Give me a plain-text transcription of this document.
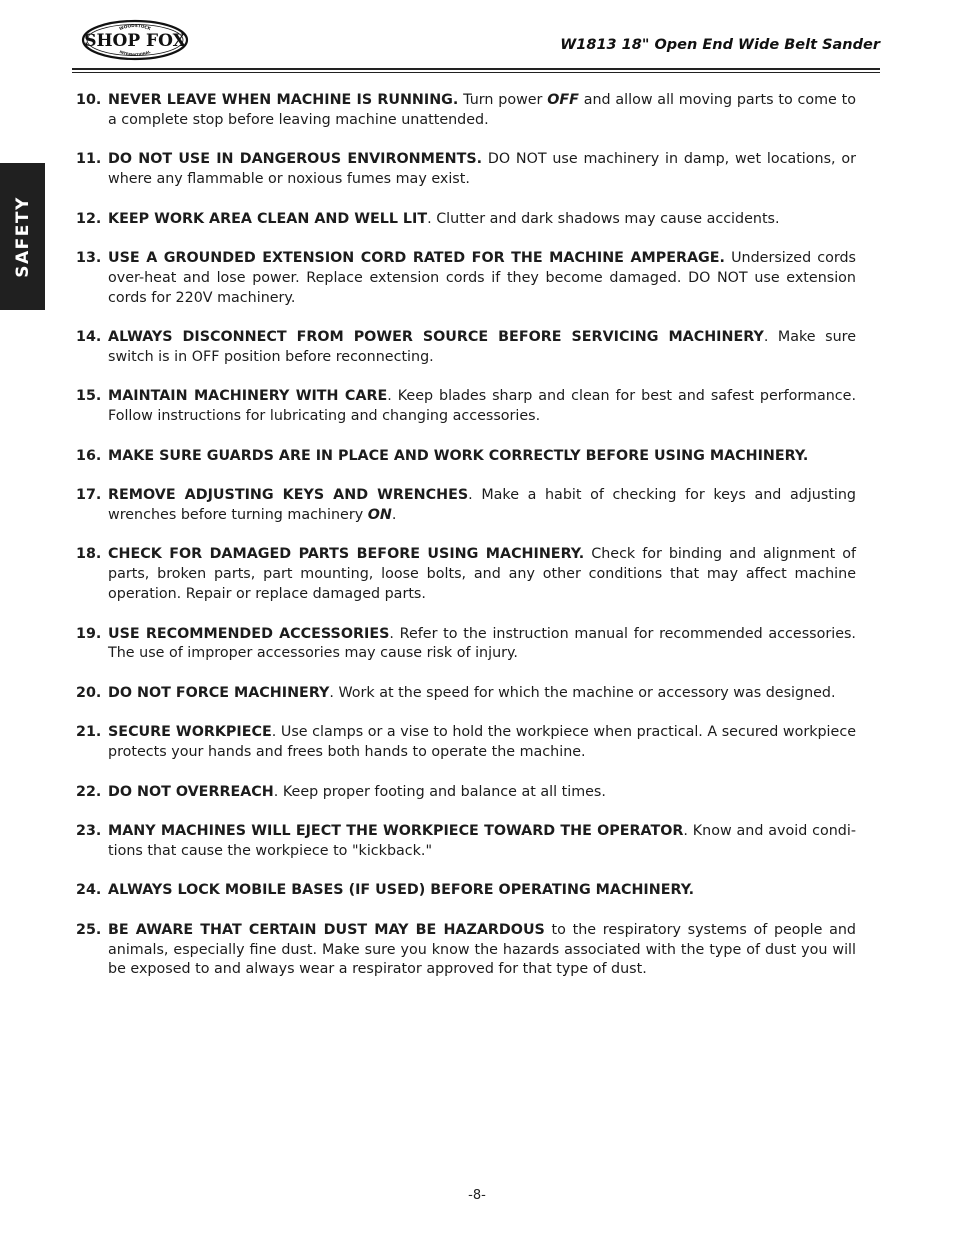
SHOP FOX
WOODSTOCK
INTERNATIONAL	W1813 18" Open End Wide Belt Sander
SAFETY
10. NEVER LEAVE WHEN MACHINE IS RUNNING. Turn power OFF and allow all moving parts to come to a complete stop before leaving machine unattended.
11. DO NOT USE IN DANGEROUS ENVIRONMENTS. DO NOT use machinery in damp, wet locations, or where any flammable or noxious fumes may exist.
12. KEEP WORK AREA CLEAN AND WELL LIT. Clutter and dark shadows may cause accidents.
13. USE A GROUNDED EXTENSION CORD RATED FOR THE MACHINE AMPERAGE. Undersized cords over-heat and lose power. Replace extension cords if they become damaged. DO NOT use extension cords for 220V machinery.
14. ALWAYS DISCONNECT FROM POWER SOURCE BEFORE SERVICING MACHINERY. Make sure switch is in OFF position before reconnecting.
15. MAINTAIN MACHINERY WITH CARE. Keep blades sharp and clean for best and safest performance. Follow instructions for lubricating and changing accessories.
16. MAKE SURE GUARDS ARE IN PLACE AND WORK CORRECTLY BEFORE USING MACHINERY.
17. REMOVE ADJUSTING KEYS AND WRENCHES. Make a habit of checking for keys and adjusting wrenches before turning machinery ON.
18. CHECK FOR DAMAGED PARTS BEFORE USING MACHINERY. Check for binding and alignment of parts, broken parts, part mounting, loose bolts, and any other conditions that may affect machine operation. Repair or replace damaged parts.
19. USE RECOMMENDED ACCESSORIES. Refer to the instruction manual for recommended accessories. The use of improper accessories may cause risk of injury.
20. DO NOT FORCE MACHINERY. Work at the speed for which the machine or accessory was designed.
21. SECURE WORKPIECE. Use clamps or a vise to hold the workpiece when practical. A secured workpiece protects your hands and frees both hands to operate the machine.
22. DO NOT OVERREACH. Keep proper footing and balance at all times.
23. MANY MACHINES WILL EJECT THE WORKPIECE TOWARD THE OPERATOR. Know and avoid condi-tions that cause the workpiece to "kickback."
24. ALWAYS LOCK MOBILE BASES (IF USED) BEFORE OPERATING MACHINERY.
25. BE AWARE THAT CERTAIN DUST MAY BE HAZARDOUS to the respiratory systems of people and animals, especially fine dust. Make sure you know the hazards associated with the type of dust you will be exposed to and always wear a respirator approved for that type of dust.
-8-
